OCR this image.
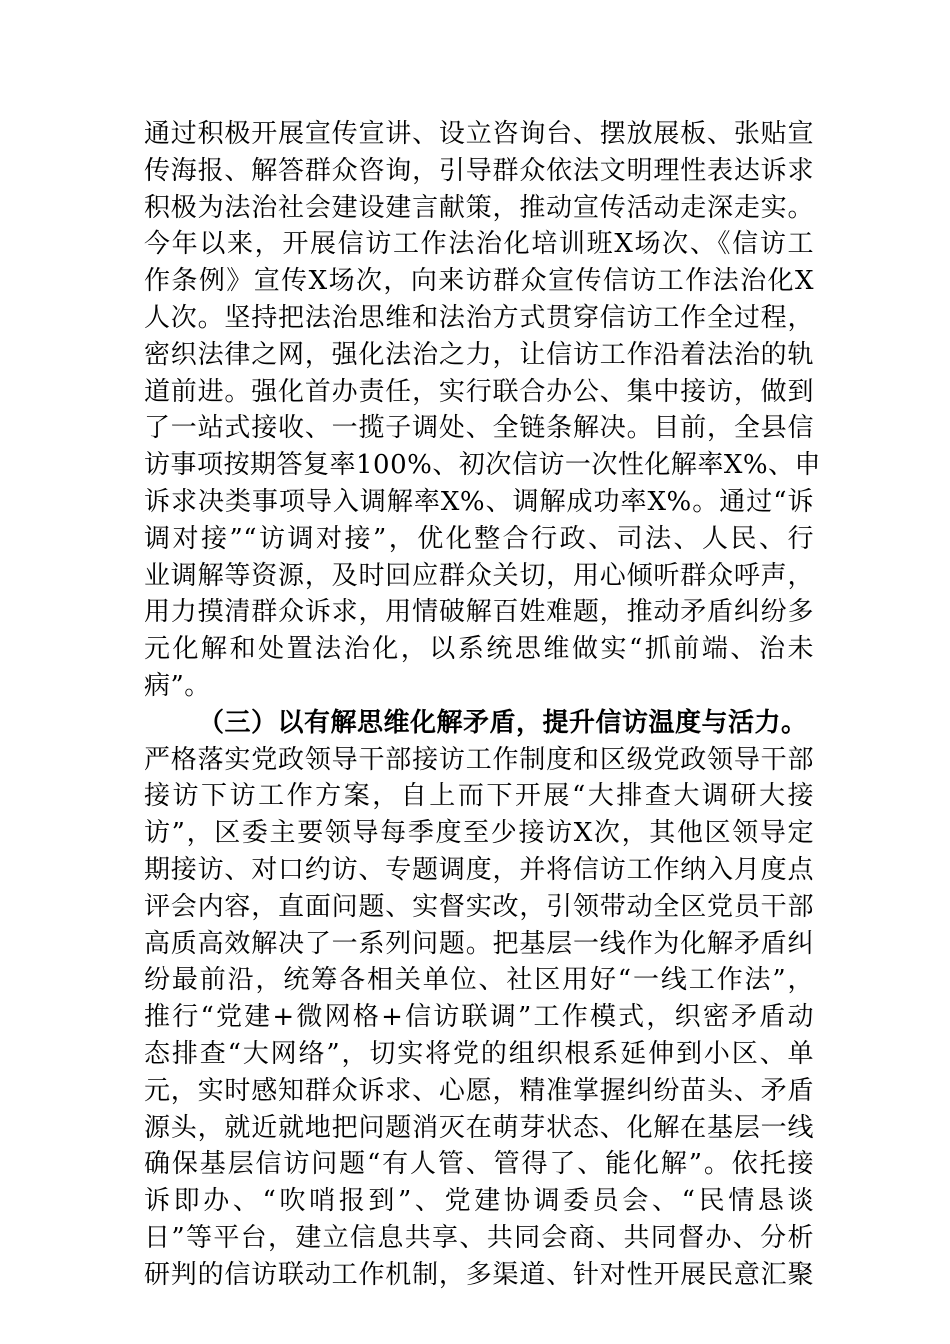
通过积极开展宣传宣讲、设立咨询台、摆放展板、张贴宣
传海报、解答群众咨询，引导群众依法文明理性表达诉求
积极为法治社会建设建言献策，推动宣传活动走深走实。
今年以来，开展信访工作法治化培训班X场次、《信访工
作条例》宣传X场次，向来访群众宣传信访工作法治化X
人次。坚持把法治思维和法治方式贯穿信访工作全过程，
密织法律之网，强化法治之力，让信访工作沿着法治的轨
道前进。强化首办责任，实行联合办公、集中接访，做到
了一站式接收、一揽子调处、全链条解决。目前，全县信
访事项按期答复率100%、初次信访一次性化解率X%、申
诉求决类事项导入调解率X%、调解成功率X%。通过“诉
调对接”“访调对接”，优化整合行政、司法、人民、行
业调解等资源，及时回应群众关切，用心倾听群众呼声，
用力摸清群众诉求，用情破解百姓难题，推动矛盾纠纷多
元化解和处置法治化，以系统思维做实“抓前端、治未
病”。
（三）以有解思维化解矛盾，提升信访温度与活力。
严格落实党政领导干部接访工作制度和区级党政领导干部
接访下访工作方案，自上而下开展“大排查大调研大接
访”，区委主要领导每季度至少接访X次，其他区领导定
期接访、对口约访、专题调度，并将信访工作纳入月度点
评会内容，直面问题、实督实改，引领带动全区党员干部
高质高效解决了一系列问题。把基层一线作为化解矛盾纠
纷最前沿，统筹各相关单位、社区用好“一线工作法”，
推行“党建+微网格+信访联调”工作模式，织密矛盾动
态排查“大网络”，切实将党的组织根系延伸到小区、单
元，实时感知群众诉求、心愿，精准掌握纠纷苗头、矛盾
源头，就近就地把问题消灭在萌芽状态、化解在基层一线
确保基层信访问题“有人管、管得了、能化解”。依托接
诉即办、“吹哨报到”、党建协调委员会、“民情恳谈
日”等平台，建立信息共享、共同会商、共同督办、分析
研判的信访联动工作机制，多渠道、针对性开展民意汇聚
